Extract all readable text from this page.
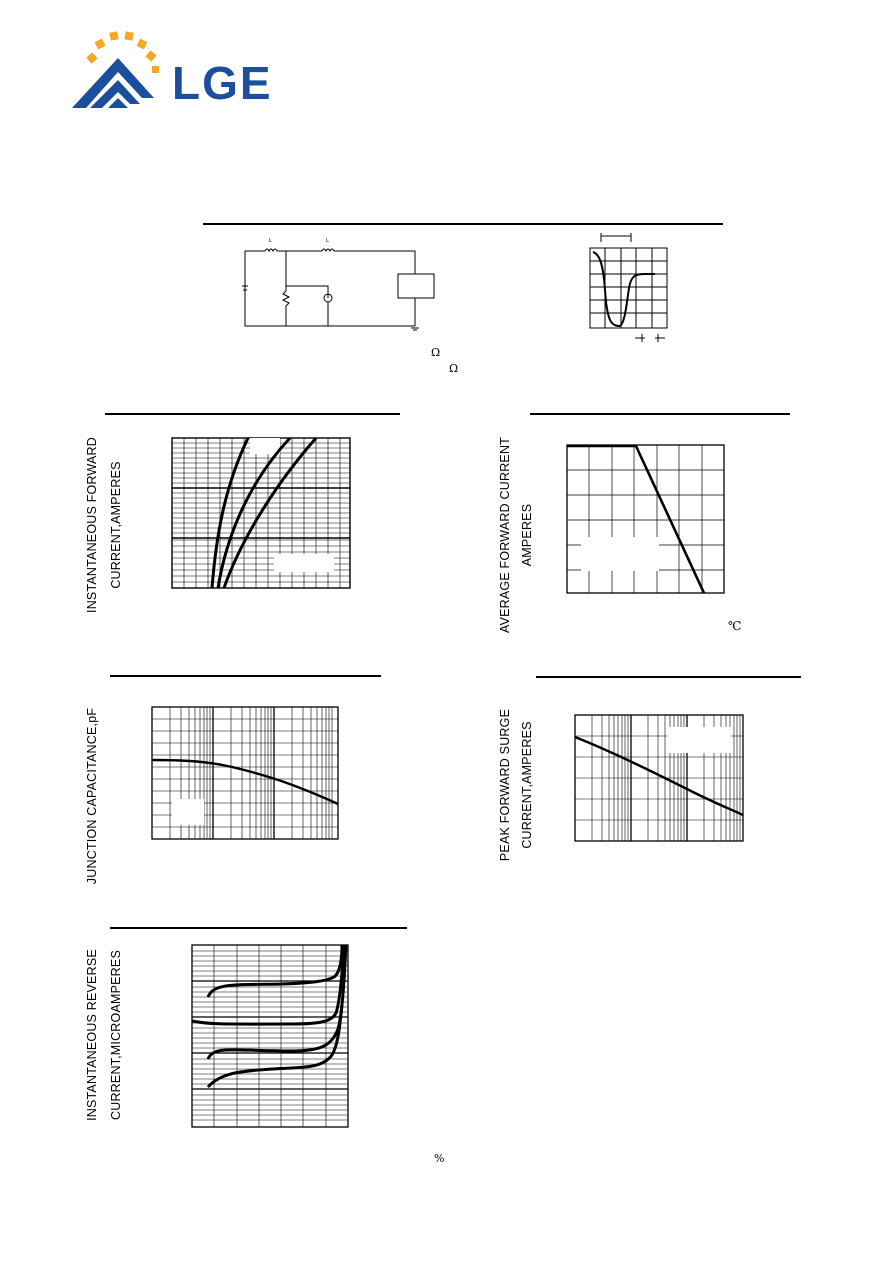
LGE
L	L
Ω
Ω
INSTANTANEOUS FORWARD CURRENT,AMPERES	AVERAGE FORWARD CURRENT AMPERES
℃
JUNCTION CAPACITANCE,pF	PEAK FORWARD SURGE CURRENT,AMPERES
INSTANTANEOUS REVERSE CURRENT,MICROAMPERES
%
